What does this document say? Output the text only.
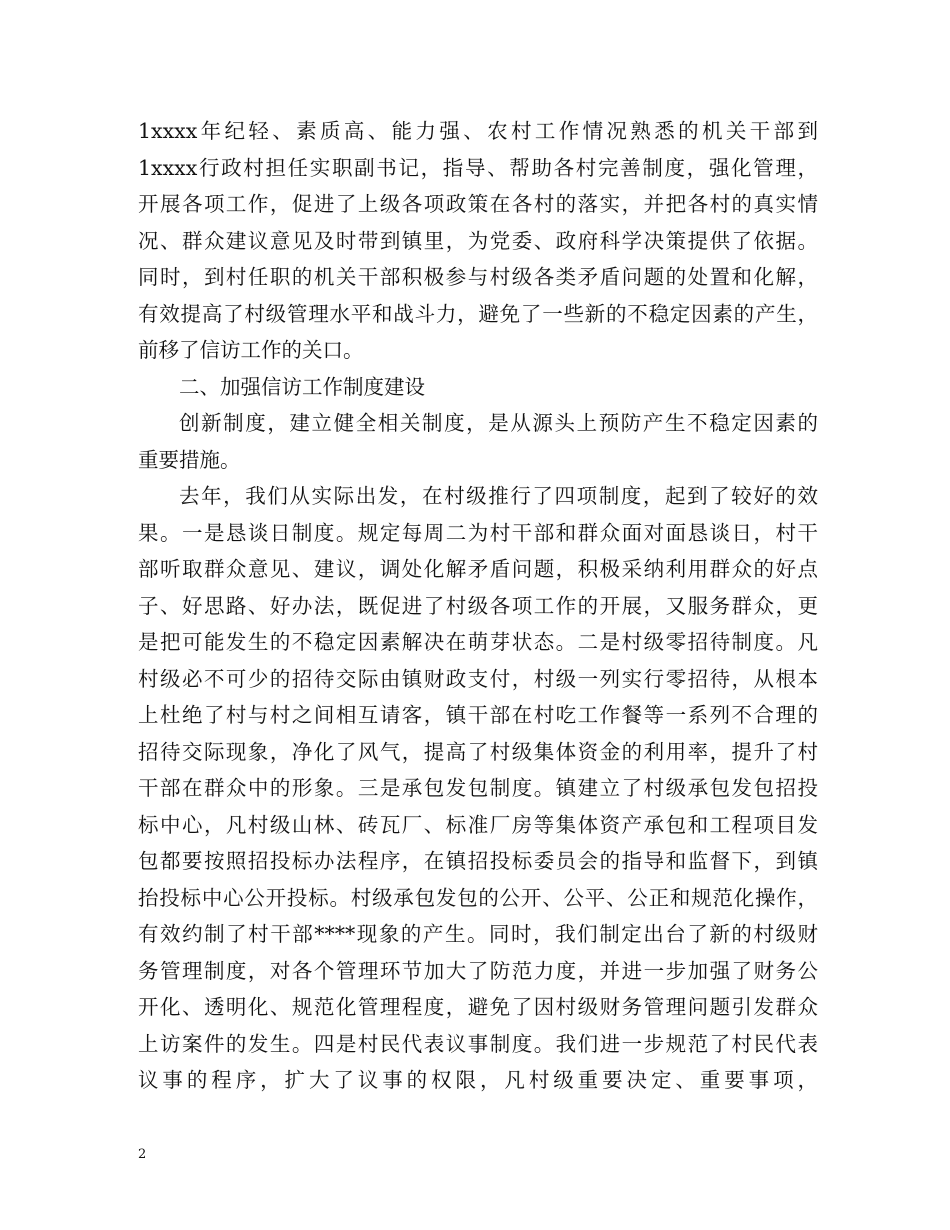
1xxxx年纪轻、素质高、能力强、农村工作情况熟悉的机关干部到
1xxxx行政村担任实职副书记，指导、帮助各村完善制度，强化管理，
开展各项工作，促进了上级各项政策在各村的落实，并把各村的真实情
况、群众建议意见及时带到镇里，为党委、政府科学决策提供了依据。
同时，到村任职的机关干部积极参与村级各类矛盾问题的处置和化解，
有效提高了村级管理水平和战斗力，避免了一些新的不稳定因素的产生，
前移了信访工作的关口。
二、加强信访工作制度建设
创新制度，建立健全相关制度，是从源头上预防产生不稳定因素的
重要措施。
去年，我们从实际出发，在村级推行了四项制度，起到了较好的效
果。一是恳谈日制度。规定每周二为村干部和群众面对面恳谈日，村干
部听取群众意见、建议，调处化解矛盾问题，积极采纳利用群众的好点
子、好思路、好办法，既促进了村级各项工作的开展，又服务群众，更
是把可能发生的不稳定因素解决在萌芽状态。二是村级零招待制度。凡
村级必不可少的招待交际由镇财政支付，村级一列实行零招待，从根本
上杜绝了村与村之间相互请客，镇干部在村吃工作餐等一系列不合理的
招待交际现象，净化了风气，提高了村级集体资金的利用率，提升了村
干部在群众中的形象。三是承包发包制度。镇建立了村级承包发包招投
标中心，凡村级山林、砖瓦厂、标准厂房等集体资产承包和工程项目发
包都要按照招投标办法程序，在镇招投标委员会的指导和监督下，到镇
抬投标中心公开投标。村级承包发包的公开、公平、公正和规范化操作，
有效约制了村干部****现象的产生。同时，我们制定出台了新的村级财
务管理制度，对各个管理环节加大了防范力度，并进一步加强了财务公
开化、透明化、规范化管理程度，避免了因村级财务管理问题引发群众
上访案件的发生。四是村民代表议事制度。我们进一步规范了村民代表
议事的程序，扩大了议事的权限，凡村级重要决定、重要事项，
2
